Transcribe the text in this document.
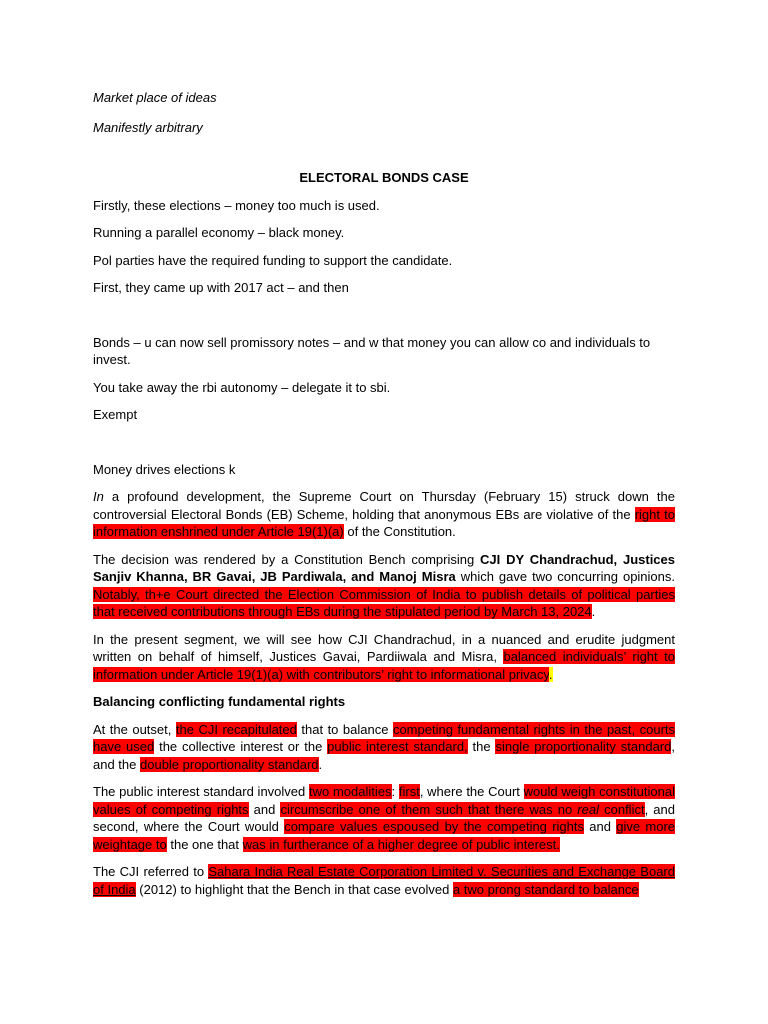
Market place of ideas

Manifestly arbitrary

ELECTORAL BONDS CASE

Firstly, these elections – money too much is used.

Running a parallel economy – black money.

Pol parties have the required funding to support the candidate.

First, they came up with 2017 act – and then

Bonds – u can now sell promissory notes – and w that money you can allow co and individuals to invest.

You take away the rbi autonomy – delegate it to sbi.

Exempt

Money drives elections k

In a profound development, the Supreme Court on Thursday (February 15) struck down the controversial Electoral Bonds (EB) Scheme, holding that anonymous EBs are violative of the right to information enshrined under Article 19(1)(a) of the Constitution.

The decision was rendered by a Constitution Bench comprising CJI DY Chandrachud, Justices Sanjiv Khanna, BR Gavai, JB Pardiwala, and Manoj Misra which gave two concurring opinions. Notably, th+e Court directed the Election Commission of India to publish details of political parties that received contributions through EBs during the stipulated period by March 13, 2024.

In the present segment, we will see how CJI Chandrachud, in a nuanced and erudite judgment written on behalf of himself, Justices Gavai, Pardiiwala and Misra, balanced individuals’ right to information under Article 19(1)(a) with contributors’ right to informational privacy.

Balancing conflicting fundamental rights

At the outset, the CJI recapitulated that to balance competing fundamental rights in the past, courts have used the collective interest or the public interest standard, the single proportionality standard, and the double proportionality standard.

The public interest standard involved two modalities: first, where the Court would weigh constitutional values of competing rights and circumscribe one of them such that there was no real conflict, and second, where the Court would compare values espoused by the competing rights and give more weightage to the one that was in furtherance of a higher degree of public interest.

The CJI referred to Sahara India Real Estate Corporation Limited v. Securities and Exchange Board of India (2012) to highlight that the Bench in that case evolved a two prong standard to balance
